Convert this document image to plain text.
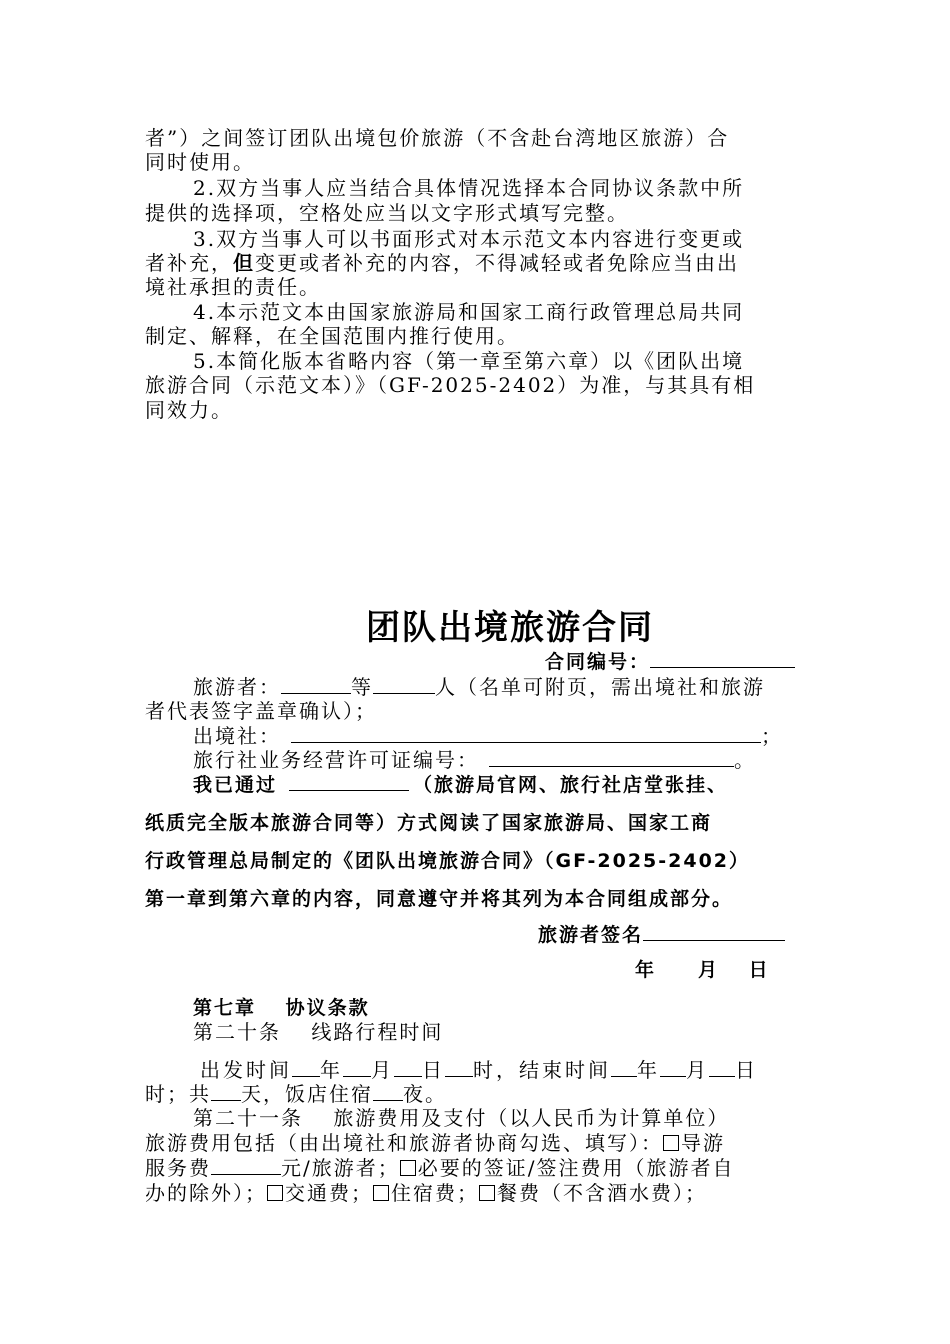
者”）之间签订团队出境包价旅游（不含赴台湾地区旅游）合
同时使用。
2.双方当事人应当结合具体情况选择本合同协议条款中所
提供的选择项，空格处应当以文字形式填写完整。
3.双方当事人可以书面形式对本示范文本内容进行变更或
者补充，但变更或者补充的内容，不得减轻或者免除应当由出
境社承担的责任。
4.本示范文本由国家旅游局和国家工商行政管理总局共同
制定、解释，在全国范围内推行使用。
5.本简化版本省略内容（第一章至第六章）以《团队出境
旅游合同（示范文本）》（GF-2025-2402）为准，与其具有相
同效力。
团队出境旅游合同
合同编号：
旅游者：	等	人（名单可附页，需出境社和旅游
者代表签字盖章确认）；
出境社：	；
旅行社业务经营许可证编号：	。
我已通过	（旅游局官网、旅行社店堂张挂、
纸质完全版本旅游合同等）方式阅读了国家旅游局、国家工商
行政管理总局制定的《团队出境旅游合同》（GF-2025-2402）
第一章到第六章的内容，同意遵守并将其列为本合同组成部分。
旅游者签名
年　　月　 日
第七章　 协议条款
第二十条　 线路行程时间
出发时间 年 月 日 时，结束时间 年 月 日
时；共 天，饭店住宿 夜。
第二十一条　 旅游费用及支付（以人民币为计算单位）
旅游费用包括（由出境社和旅游者协商勾选、填写）： 导游
服务费	元/旅游者； 必要的签证/签注费用（旅游者自
办的除外）； 交通费； 住宿费； 餐费（不含酒水费）；
